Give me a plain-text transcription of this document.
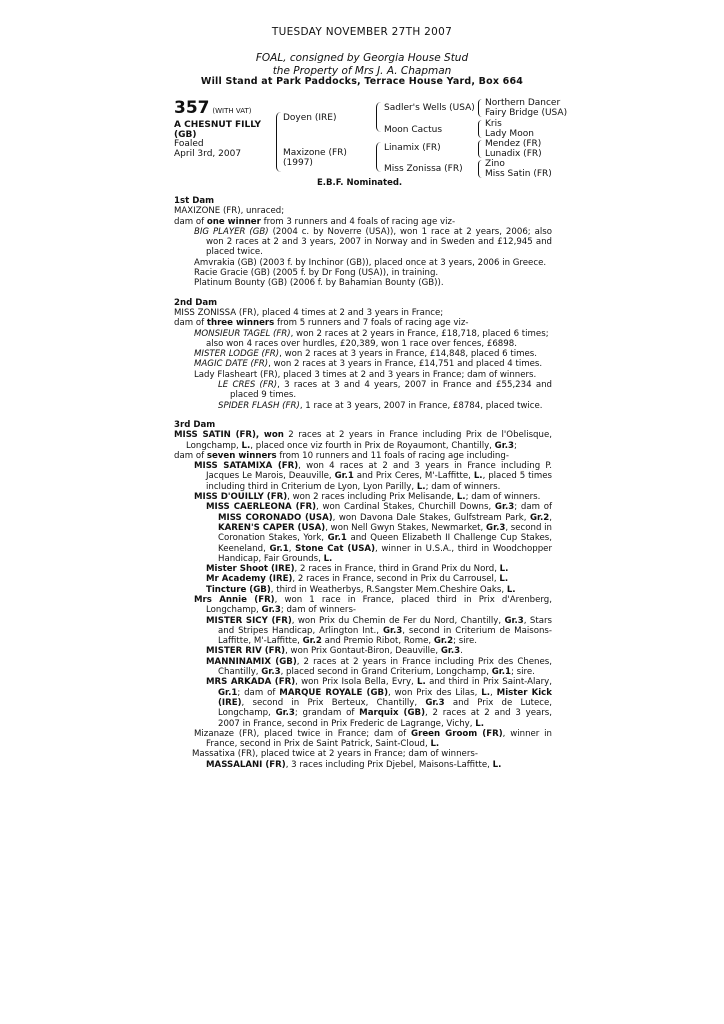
TUESDAY NOVEMBER 27TH 2007
FOAL, consigned by Georgia House Stud
the Property of Mrs J. A. Chapman
Will Stand at Park Paddocks, Terrace House Yard, Box 664
357 (WITH VAT)
A CHESNUT FILLY
(GB)
Foaled
April 3rd, 2007
Doyen (IRE)
Maxizone (FR)
(1997)
Sadler's Wells (USA)
Moon Cactus
Linamix (FR)
Miss Zonissa (FR)
Northern Dancer
Fairy Bridge (USA)
Kris
Lady Moon
Mendez (FR)
Lunadix (FR)
Zino
Miss Satin (FR)
E.B.F. Nominated.

1st Dam

MAXIZONE (FR), unraced;

dam of one winner from 3 runners and 4 foals of racing age viz-

BIG PLAYER (GB) (2004 c. by Noverre (USA)), won 1 race at 2 years, 2006; also won 2 races at 2 and 3 years, 2007 in Norway and in Sweden and £12,945 and placed twice.

Amvrakia (GB) (2003 f. by Inchinor (GB)), placed once at 3 years, 2006 in Greece.

Racie Gracie (GB) (2005 f. by Dr Fong (USA)), in training.

Platinum Bounty (GB) (2006 f. by Bahamian Bounty (GB)).

2nd Dam

MISS ZONISSA (FR), placed 4 times at 2 and 3 years in France;

dam of three winners from 5 runners and 7 foals of racing age viz-

MONSIEUR TAGEL (FR), won 2 races at 2 years in France, £18,718, placed 6 times; also won 4 races over hurdles, £20,389, won 1 race over fences, £6898.

MISTER LODGE (FR), won 2 races at 3 years in France, £14,848, placed 6 times.

MAGIC DATE (FR), won 2 races at 3 years in France, £14,751 and placed 4 times.

Lady Flasheart (FR), placed 3 times at 2 and 3 years in France; dam of winners.

LE CRES (FR), 3 races at 3 and 4 years, 2007 in France and £55,234 and placed 9 times.

SPIDER FLASH (FR), 1 race at 3 years, 2007 in France, £8784, placed twice.

3rd Dam

MISS SATIN (FR), won 2 races at 2 years in France including Prix de l'Obelisque, Longchamp, L., placed once viz fourth in Prix de Royaumont, Chantilly, Gr.3;

dam of seven winners from 10 runners and 11 foals of racing age including-

MISS SATAMIXA (FR), won 4 races at 2 and 3 years in France including P. Jacques Le Marois, Deauville, Gr.1 and Prix Ceres, M'-Laffitte, L., placed 5 times including third in Criterium de Lyon, Lyon Parilly, L.; dam of winners.

MISS D'OUILLY (FR), won 2 races including Prix Melisande, L.; dam of winners.

MISS CAERLEONA (FR), won Cardinal Stakes, Churchill Downs, Gr.3; dam of MISS CORONADO (USA), won Davona Dale Stakes, Gulfstream Park, Gr.2, KAREN'S CAPER (USA), won Nell Gwyn Stakes, Newmarket, Gr.3, second in Coronation Stakes, York, Gr.1 and Queen Elizabeth II Challenge Cup Stakes, Keeneland, Gr.1, Stone Cat (USA), winner in U.S.A., third in Woodchopper Handicap, Fair Grounds, L.

Mister Shoot (IRE), 2 races in France, third in Grand Prix du Nord, L.

Mr Academy (IRE), 2 races in France, second in Prix du Carrousel, L.

Tincture (GB), third in Weatherbys, R.Sangster Mem.Cheshire Oaks, L.

Mrs Annie (FR), won 1 race in France, placed third in Prix d'Arenberg, Longchamp, Gr.3; dam of winners-

MISTER SICY (FR), won Prix du Chemin de Fer du Nord, Chantilly, Gr.3, Stars and Stripes Handicap, Arlington Int., Gr.3, second in Criterium de Maisons-Laffitte, M'-Laffitte, Gr.2 and Premio Ribot, Rome, Gr.2; sire.

MISTER RIV (FR), won Prix Gontaut-Biron, Deauville, Gr.3.

MANNINAMIX (GB), 2 races at 2 years in France including Prix des Chenes, Chantilly, Gr.3, placed second in Grand Criterium, Longchamp, Gr.1; sire.

MRS ARKADA (FR), won Prix Isola Bella, Evry, L. and third in Prix Saint-Alary, Gr.1; dam of MARQUE ROYALE (GB), won Prix des Lilas, L., Mister Kick (IRE), second in Prix Berteux, Chantilly, Gr.3 and Prix de Lutece, Longchamp, Gr.3; grandam of Marquix (GB), 2 races at 2 and 3 years, 2007 in France, second in Prix Frederic de Lagrange, Vichy, L.

Mizanaze (FR), placed twice in France; dam of Green Groom (FR), winner in France, second in Prix de Saint Patrick, Saint-Cloud, L.

Massatixa (FR), placed twice at 2 years in France; dam of winners-

MASSALANI (FR), 3 races including Prix Djebel, Maisons-Laffitte, L.
